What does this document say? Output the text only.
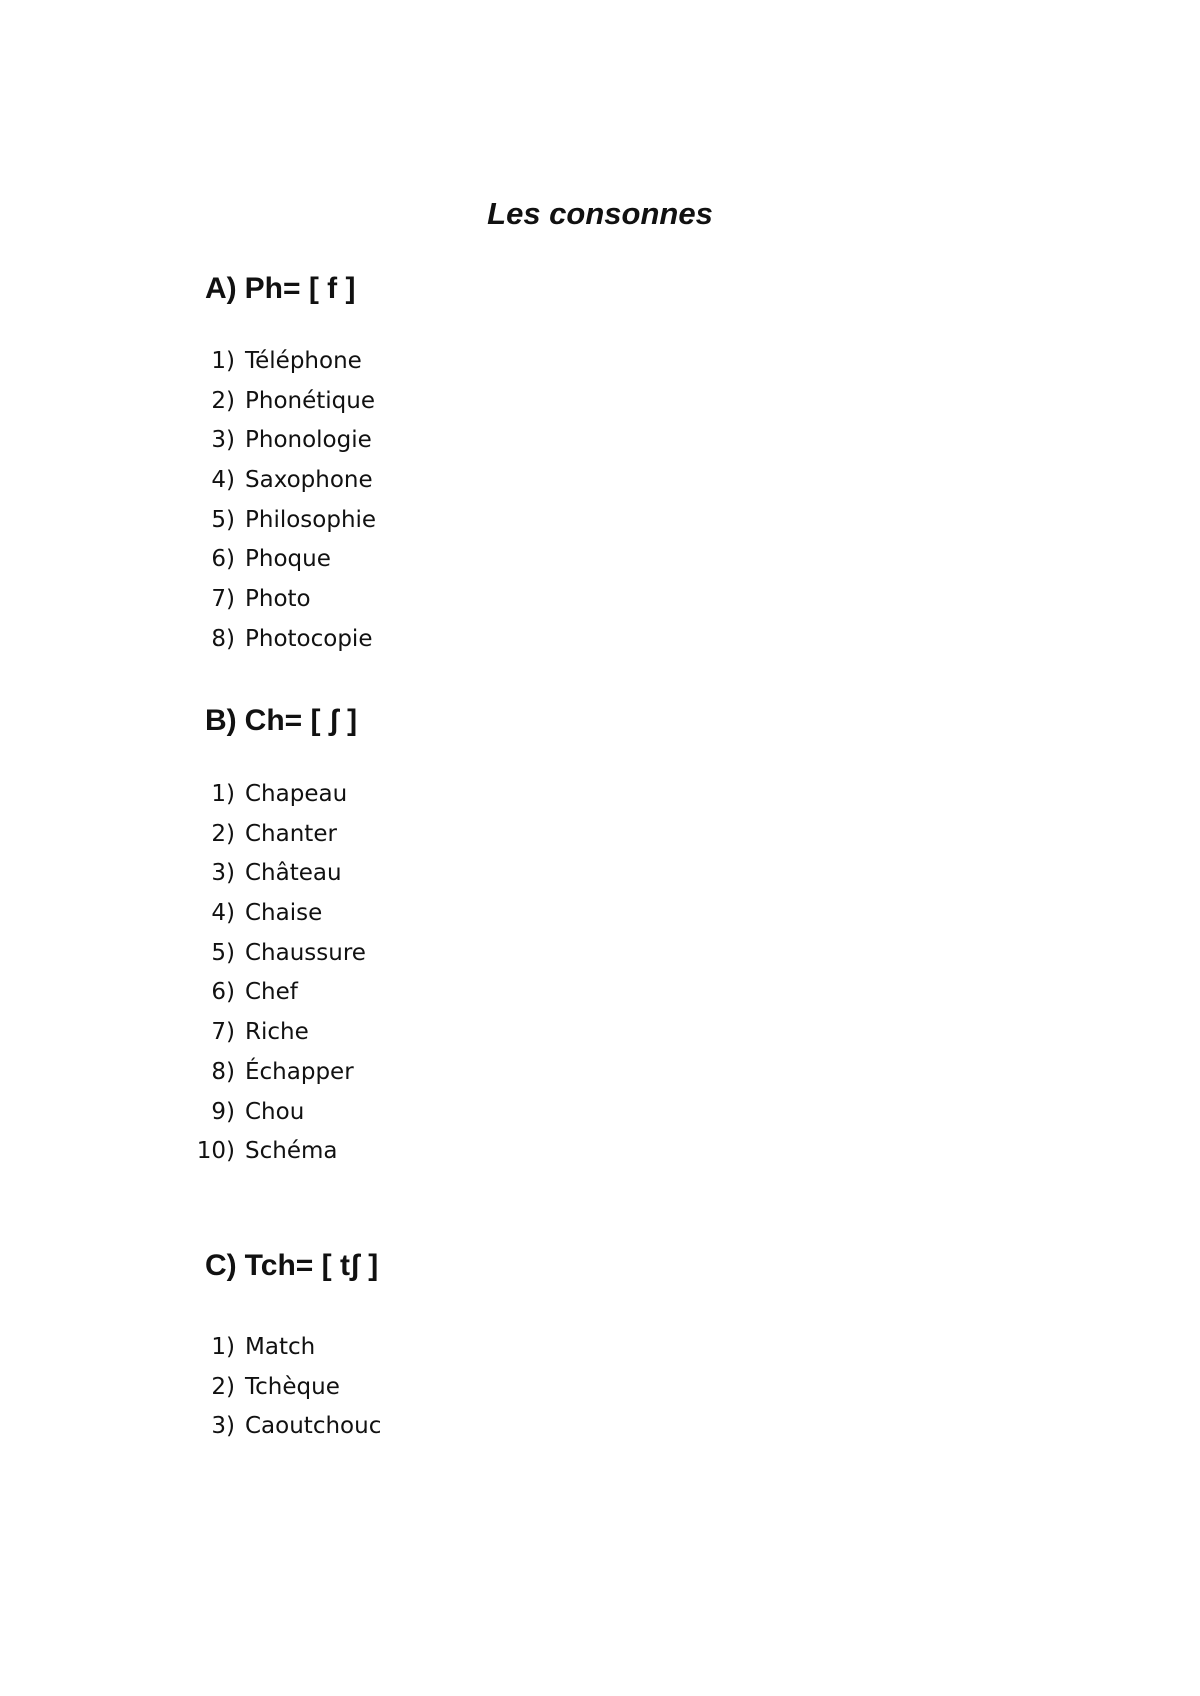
Les consonnes

A) Ph= [ f ]

1) Téléphone
2) Phonétique
3) Phonologie
4) Saxophone
5) Philosophie
6) Phoque
7) Photo
8) Photocopie

B) Ch= [ ʃ ]

1) Chapeau
2) Chanter
3) Château
4) Chaise
5) Chaussure
6) Chef
7) Riche
8) Échapper
9) Chou
10) Schéma

C) Tch= [ tʃ ]

1) Match
2) Tchèque
3) Caoutchouc
